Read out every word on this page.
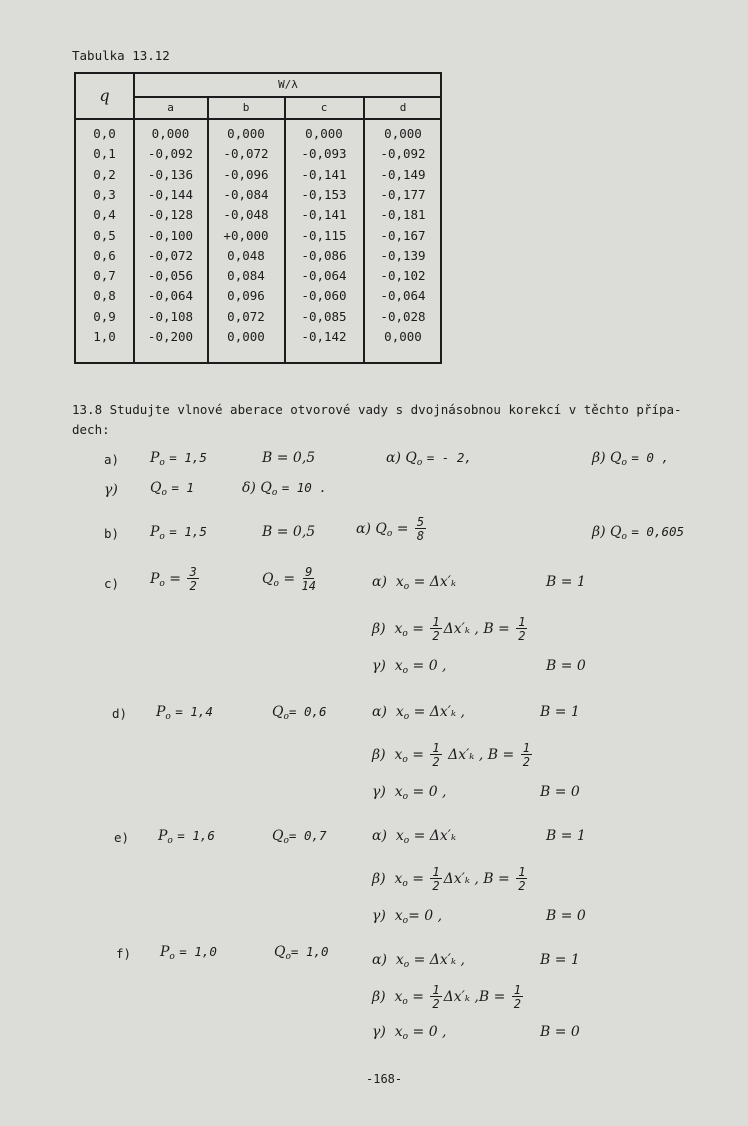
Tabulka 13.12
q
W/λ
a	b	c	d
0,0	0,000	0,000	0,000	0,000
0,1	-0,092	-0,072	-0,093	-0,092
0,2	-0,136	-0,096	-0,141	-0,149
0,3	-0,144	-0,084	-0,153	-0,177
0,4	-0,128	-0,048	-0,141	-0,181
0,5	-0,100	+0,000	-0,115	-0,167
0,6	-0,072	0,048	-0,086	-0,139
0,7	-0,056	0,084	-0,064	-0,102
0,8	-0,064	0,096	-0,060	-0,064
0,9	-0,108	0,072	-0,085	-0,028
1,0	-0,200	0,000	-0,142	0,000
13.8 Studujte vlnové aberace otvorové vady s dvojnásobnou korekcí v těchto přípa-
dech:
a) $P_o = 1,5$	B = 0,5	α) $Q_o$ = - 2,	β) $Q_o = 0$ ,
γ) $Q_o = 1$	δ) $Q_o = 10$ .
b) $P_o = 1,5$	B = 0,5	α) $Q_o = \frac{5}{8}$	β) $Q_o = 0,605$
c) $P_o = \frac{3}{2}$	$Q_o = \frac{9}{14}$	α)  $x_o = \Delta x'_k$	B = 1
β)  $x_o = \frac{1}{2} \Delta x'_k$ , $B = \frac{1}{2}$
γ)  $x_o = 0$ ,	B = 0
d) $P_o = 1,4$	$Q_o= 0,6$	α)  $x_o = \Delta x'_k$ ,	B = 1
β)  $x_o = \frac{1}{2} \Delta x'_k$ , $B = \frac{1}{2}$
γ)  $x_o = 0$ ,	B = 0
e) $P_o = 1,6$	$Q_o= 0,7$	α)  $x_o = \Delta x'_k$	B = 1
β)  $x_o = \frac{1}{2} \Delta x'_k$ , $B = \frac{1}{2}$
γ)  $x_o= 0$ ,	B = 0
f) $P_o = 1,0$	$Q_o= 1,0$
α)  $x_o = \Delta x'_k$ ,	B = 1
β)  $x_o = \frac{1}{2} \Delta x'_k$ $,B = \frac{1}{2}$
γ)  $x_o = 0$ ,	B = 0
-168-
